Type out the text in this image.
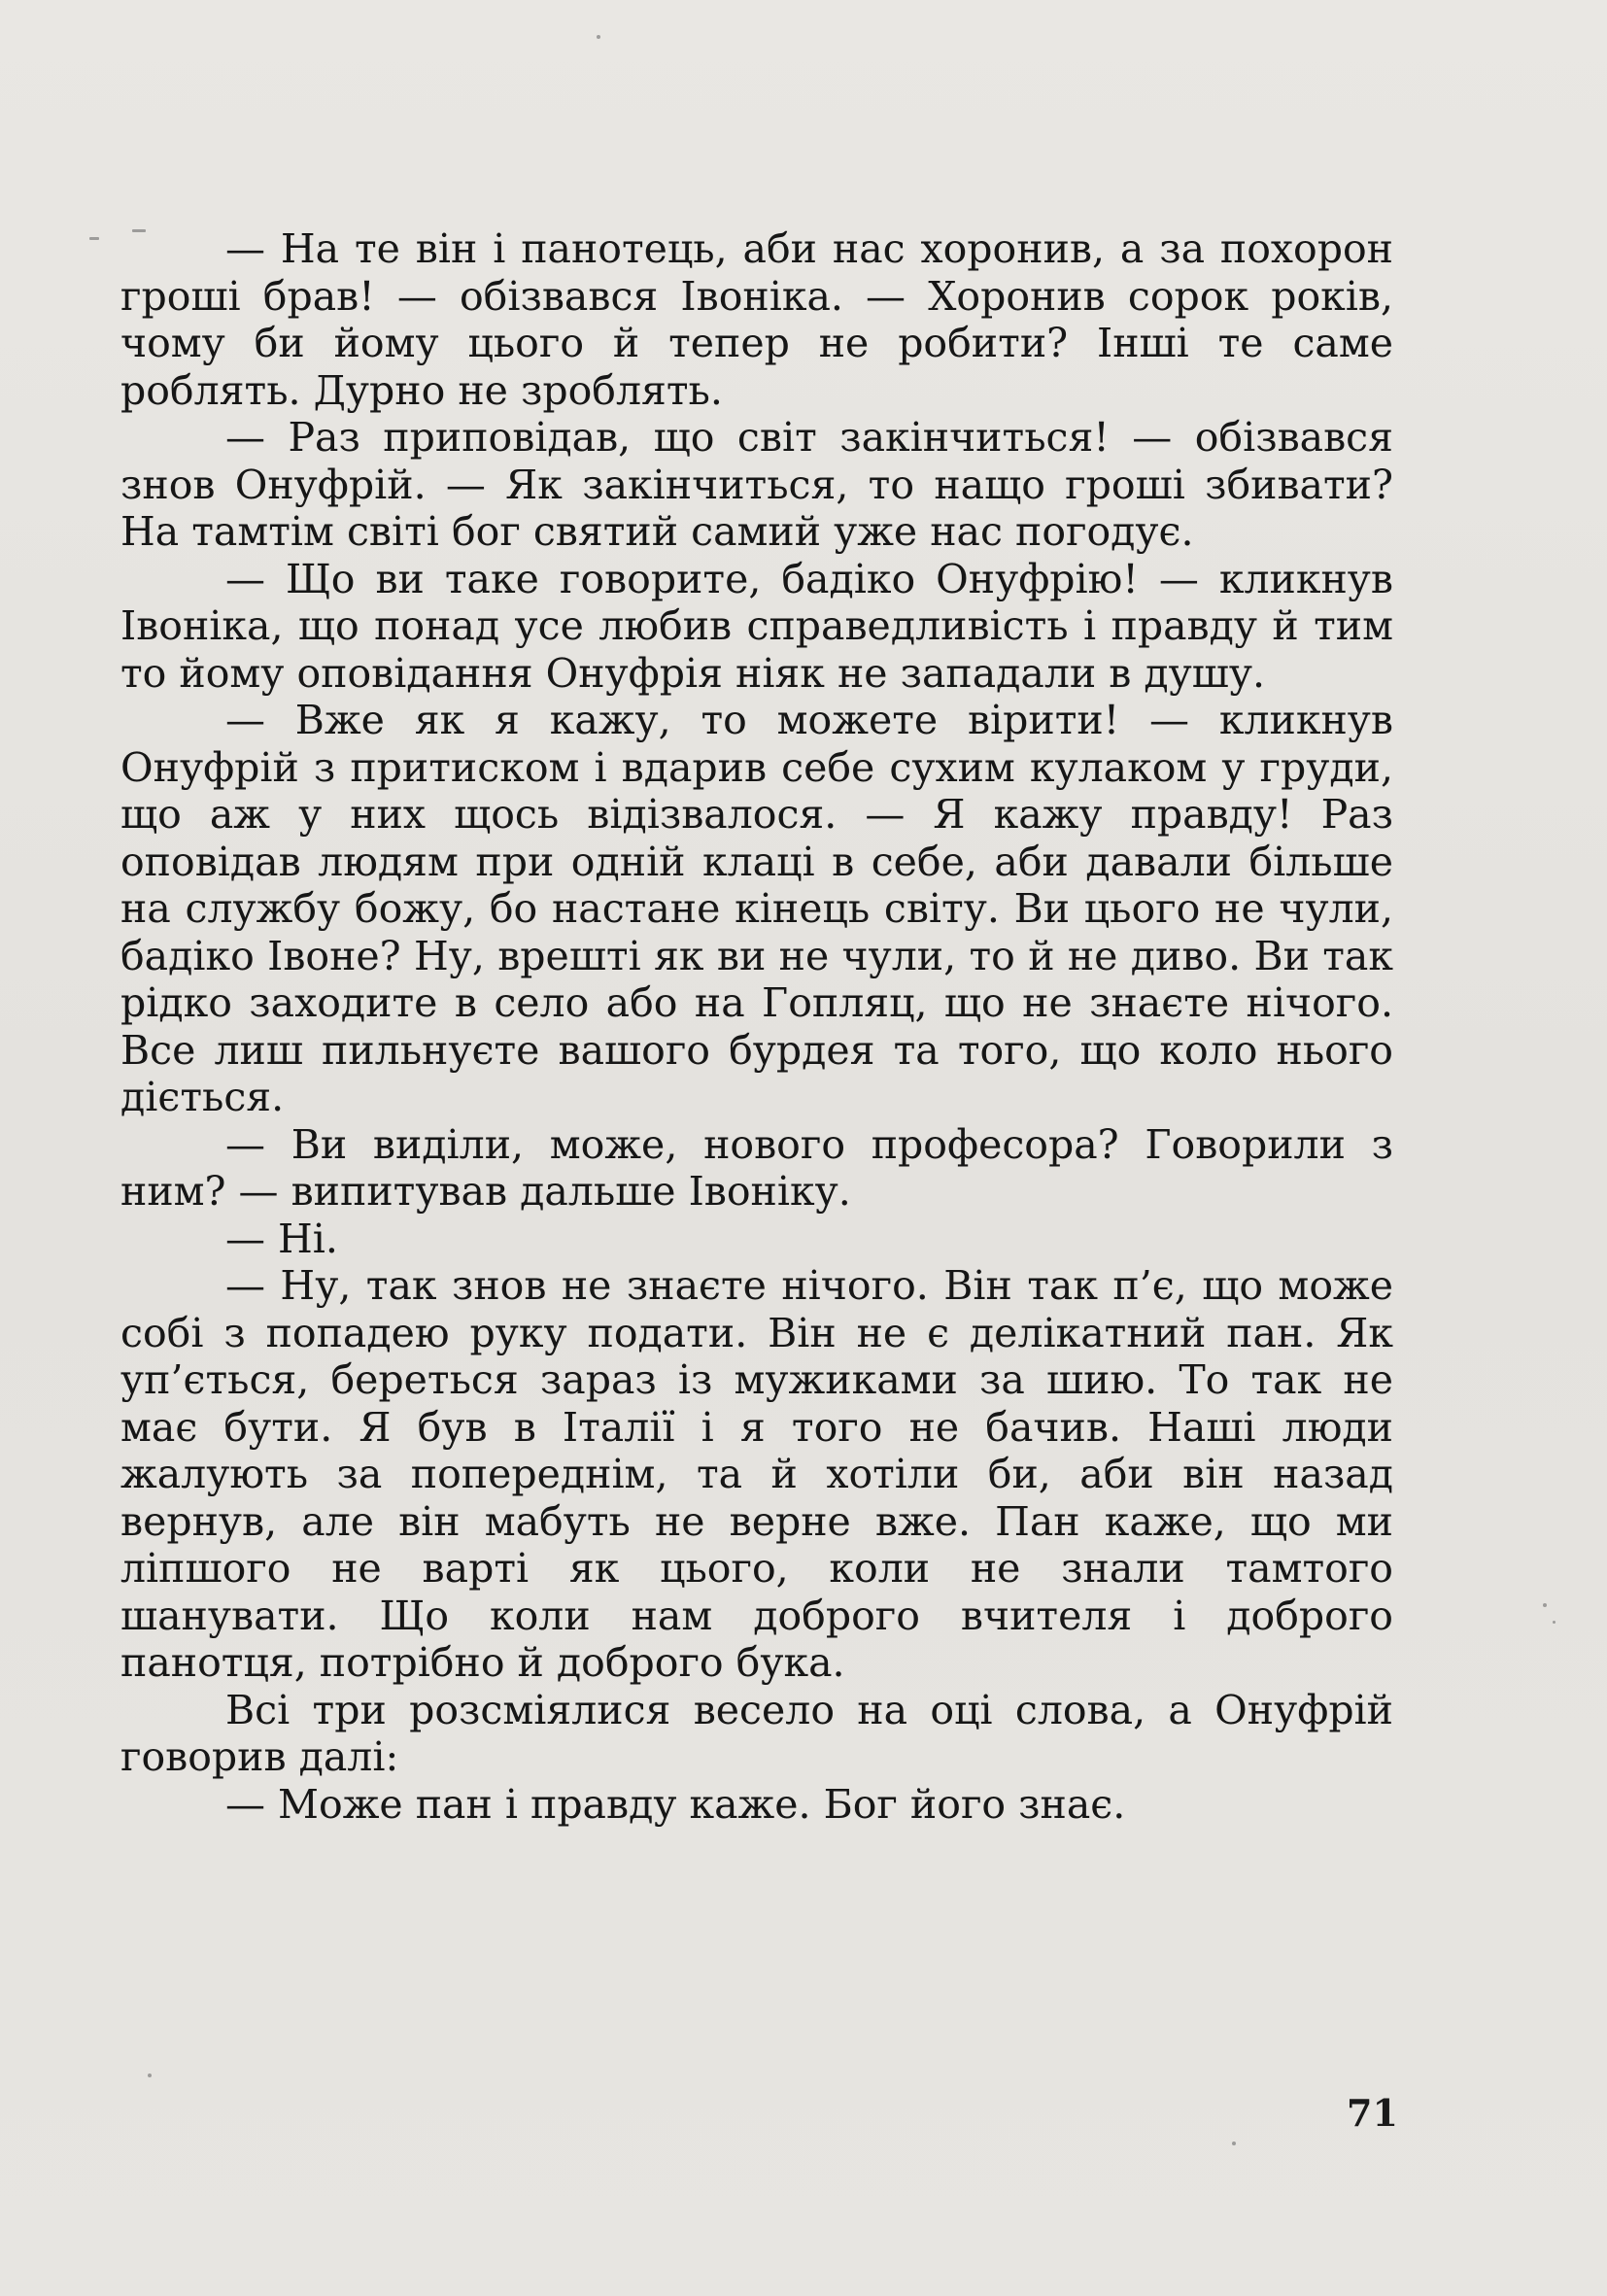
— На те він і панотець, аби нас хоронив, а за похорон гроші брав! — обізвався Івоніка. — Хоронив сорок років, чому би йому цього й тепер не робити? Інші те саме роблять. Дурно не зроблять.

— Раз приповідав, що світ закінчиться! — обізвався знов Онуфрій. — Як закінчиться, то нащо гроші збивати? На тамтім світі бог святий самий уже нас погодує.

— Що ви таке говорите, бадіко Онуфрію! — кликнув Івоніка, що понад усе любив справедливість і правду й тим то йому оповідання Онуфрія ніяк не западали в душу.

— Вже як я кажу, то можете вірити! — кликнув Онуфрій з притиском і вдарив себе сухим кулаком у груди, що аж у них щось відізвалося. — Я кажу правду! Раз оповідав людям при одній клаці в себе, аби давали більше на службу божу, бо настане кінець світу. Ви цього не чули, бадіко Івоне? Ну, врешті як ви не чули, то й не диво. Ви так рідко заходите в село або на Гопляц, що не знаєте нічого. Все лиш пильнуєте вашого бурдея та того, що коло нього діється.

— Ви виділи, може, нового професора? Говорили з ним? — випитував дальше Івоніку.

— Ні.

— Ну, так знов не знаєте нічого. Він так п’є, що може собі з попадею руку подати. Він не є делікатний пан. Як уп’ється, береться зараз із мужиками за шию. То так не має бути. Я був в Італії і я того не бачив. Наші люди жалують за попереднім, та й хотіли би, аби він назад вернув, але він мабуть не верне вже. Пан каже, що ми ліпшого не варті як цього, коли не знали тамтого шанувати. Що коли нам доброго вчителя і доброго панотця, потрібно й доброго бука.

Всі три розсміялися весело на оці слова, а Онуфрій говорив далі:

— Може пан і правду каже. Бог його знає.

71
